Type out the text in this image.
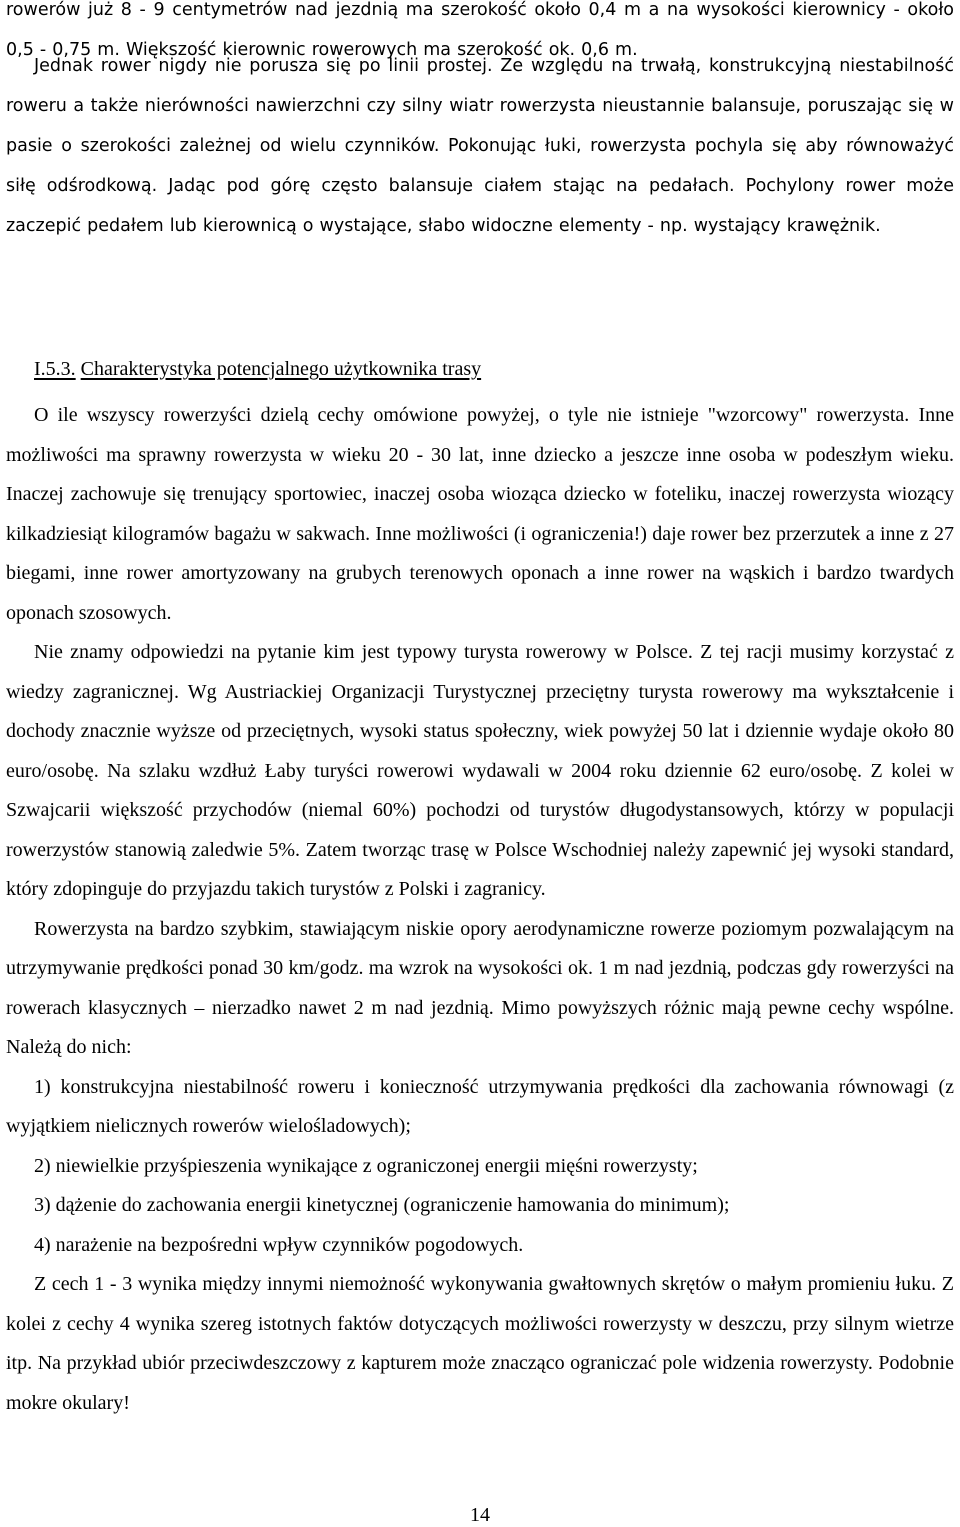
rowerów już 8 - 9 centymetrów nad jezdnią ma szerokość około 0,4 m a na wysokości kierownicy - około 0,5 - 0,75 m. Większość kierownic rowerowych ma szerokość ok. 0,6 m.

Jednak rower nigdy nie porusza się po linii prostej. Ze względu na trwałą, konstrukcyjną niestabilność roweru a także nierówności nawierzchni czy silny wiatr rowerzysta nieustannie balansuje, poruszając się w pasie o szerokości zależnej od wielu czynników. Pokonując łuki, rowerzysta pochyla się aby równoważyć siłę odśrodkową. Jadąc pod górę często balansuje ciałem stając na pedałach. Pochylony rower może zaczepić pedałem lub kierownicą o wystające, słabo widoczne elementy - np. wystający krawężnik.

I.5.3. Charakterystyka potencjalnego użytkownika trasy

O ile wszyscy rowerzyści dzielą cechy omówione powyżej, o tyle nie istnieje "wzorcowy" rowerzysta. Inne możliwości ma sprawny rowerzysta w wieku 20 - 30 lat, inne dziecko a jeszcze inne osoba w podeszłym wieku. Inaczej zachowuje się trenujący sportowiec, inaczej osoba wioząca dziecko w foteliku, inaczej rowerzysta wiozący kilkadziesiąt kilogramów bagażu w sakwach. Inne możliwości (i ograniczenia!) daje rower bez przerzutek a inne z 27 biegami, inne rower amortyzowany na grubych terenowych oponach a inne rower na wąskich i bardzo twardych oponach szosowych.

Nie znamy odpowiedzi na pytanie kim jest typowy turysta rowerowy w Polsce. Z tej racji musimy korzystać z wiedzy zagranicznej. Wg Austriackiej Organizacji Turystycznej przeciętny turysta rowerowy ma wykształcenie i dochody znacznie wyższe od przeciętnych, wysoki status społeczny, wiek powyżej 50 lat i dziennie wydaje około 80 euro/osobę. Na szlaku wzdłuż Łaby turyści rowerowi wydawali w 2004 roku dziennie 62 euro/osobę. Z kolei w Szwajcarii większość przychodów (niemal 60%) pochodzi od turystów długodystansowych, którzy w populacji rowerzystów stanowią zaledwie 5%. Zatem tworząc trasę w Polsce Wschodniej należy zapewnić jej wysoki standard, który zdopinguje do przyjazdu takich turystów z Polski i zagranicy.

Rowerzysta na bardzo szybkim, stawiającym niskie opory aerodynamiczne rowerze poziomym pozwalającym na utrzymywanie prędkości ponad 30 km/godz. ma wzrok na wysokości ok. 1 m nad jezdnią, podczas gdy rowerzyści na rowerach klasycznych – nierzadko nawet 2 m nad jezdnią. Mimo powyższych różnic mają pewne cechy wspólne. Należą do nich:

1) konstrukcyjna niestabilność roweru i konieczność utrzymywania prędkości dla zachowania równowagi (z wyjątkiem nielicznych rowerów wielośladowych);

2) niewielkie przyśpieszenia wynikające z ograniczonej energii mięśni rowerzysty;

3) dążenie do zachowania energii kinetycznej (ograniczenie hamowania do minimum);

4) narażenie na bezpośredni wpływ czynników pogodowych.

Z cech 1 - 3 wynika między innymi niemożność wykonywania gwałtownych skrętów o małym promieniu łuku. Z kolei z cechy 4 wynika szereg istotnych faktów dotyczących możliwości rowerzysty w deszczu, przy silnym wietrze itp. Na przykład ubiór przeciwdeszczowy z kapturem może znacząco ograniczać pole widzenia rowerzysty. Podobnie mokre okulary!

14
